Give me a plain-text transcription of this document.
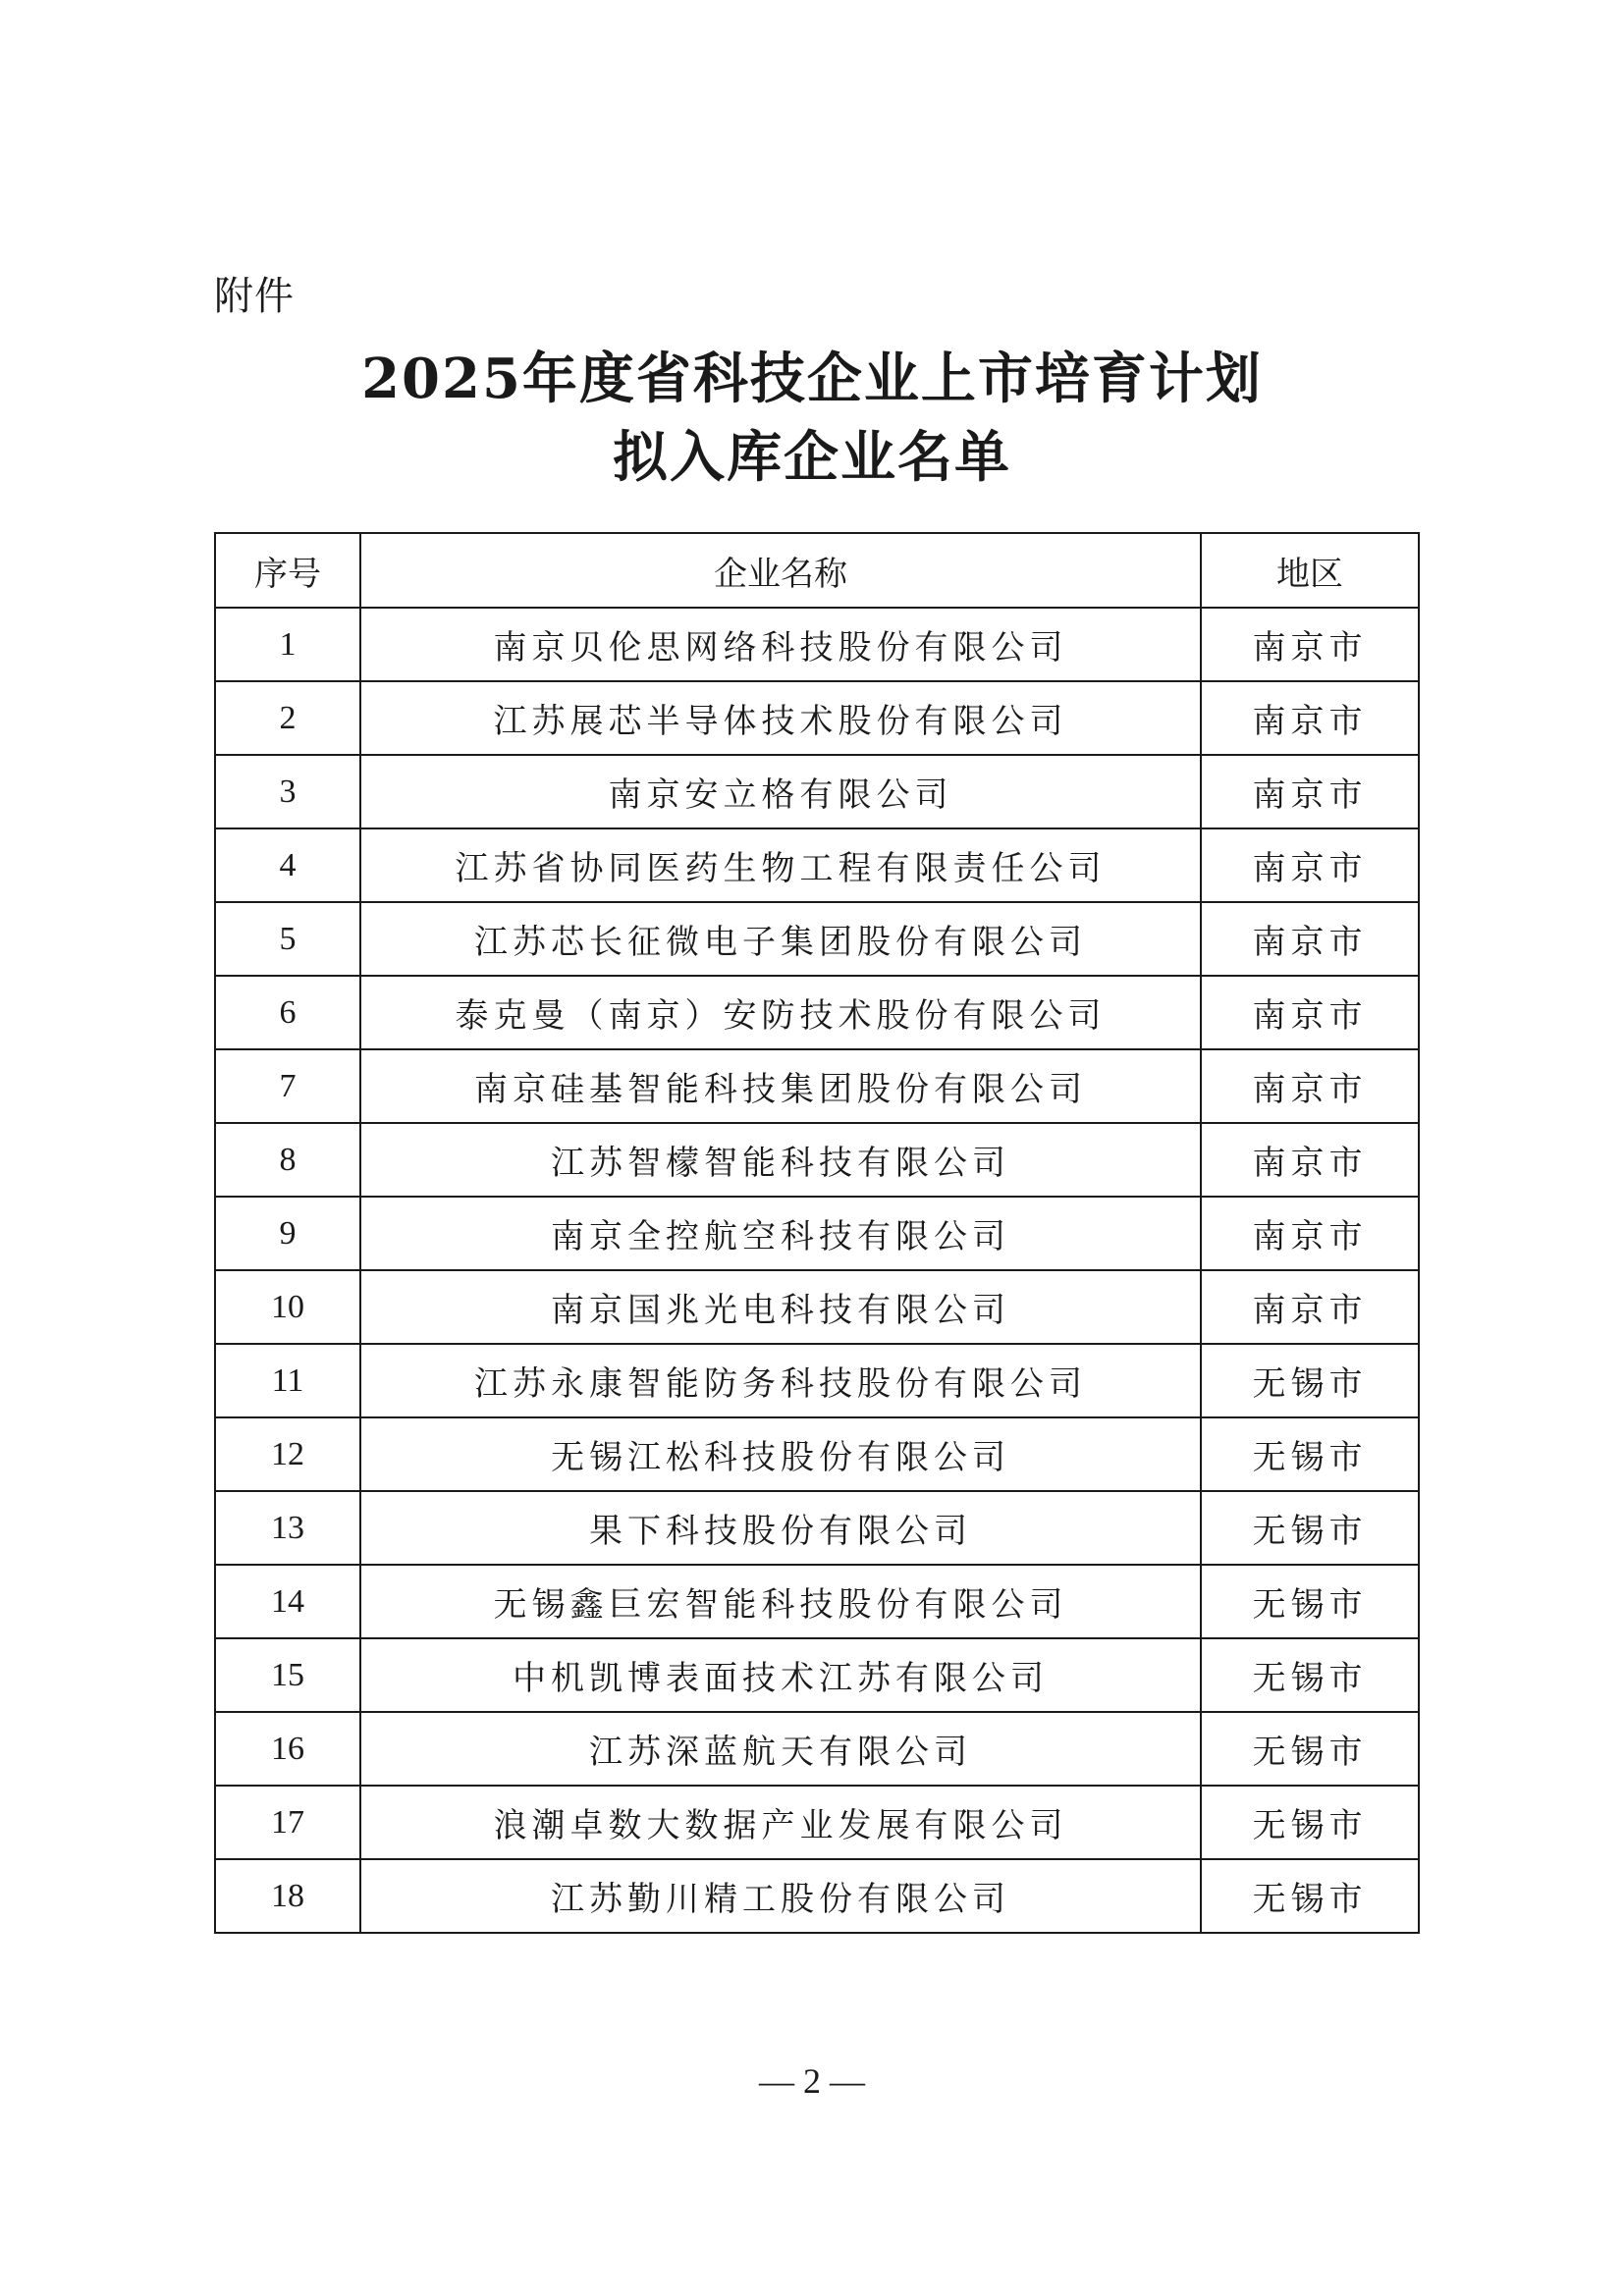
附件
2025年度省科技企业上市培育计划
拟入库企业名单
序号	企业名称	地区
1	南京贝伦思网络科技股份有限公司	南京市
2	江苏展芯半导体技术股份有限公司	南京市
3	南京安立格有限公司	南京市
4	江苏省协同医药生物工程有限责任公司	南京市
5	江苏芯长征微电子集团股份有限公司	南京市
6	泰克曼（南京）安防技术股份有限公司	南京市
7	南京硅基智能科技集团股份有限公司	南京市
8	江苏智檬智能科技有限公司	南京市
9	南京全控航空科技有限公司	南京市
10	南京国兆光电科技有限公司	南京市
11	江苏永康智能防务科技股份有限公司	无锡市
12	无锡江松科技股份有限公司	无锡市
13	果下科技股份有限公司	无锡市
14	无锡鑫巨宏智能科技股份有限公司	无锡市
15	中机凯博表面技术江苏有限公司	无锡市
16	江苏深蓝航天有限公司	无锡市
17	浪潮卓数大数据产业发展有限公司	无锡市
18	江苏勤川精工股份有限公司	无锡市
— 2 —
